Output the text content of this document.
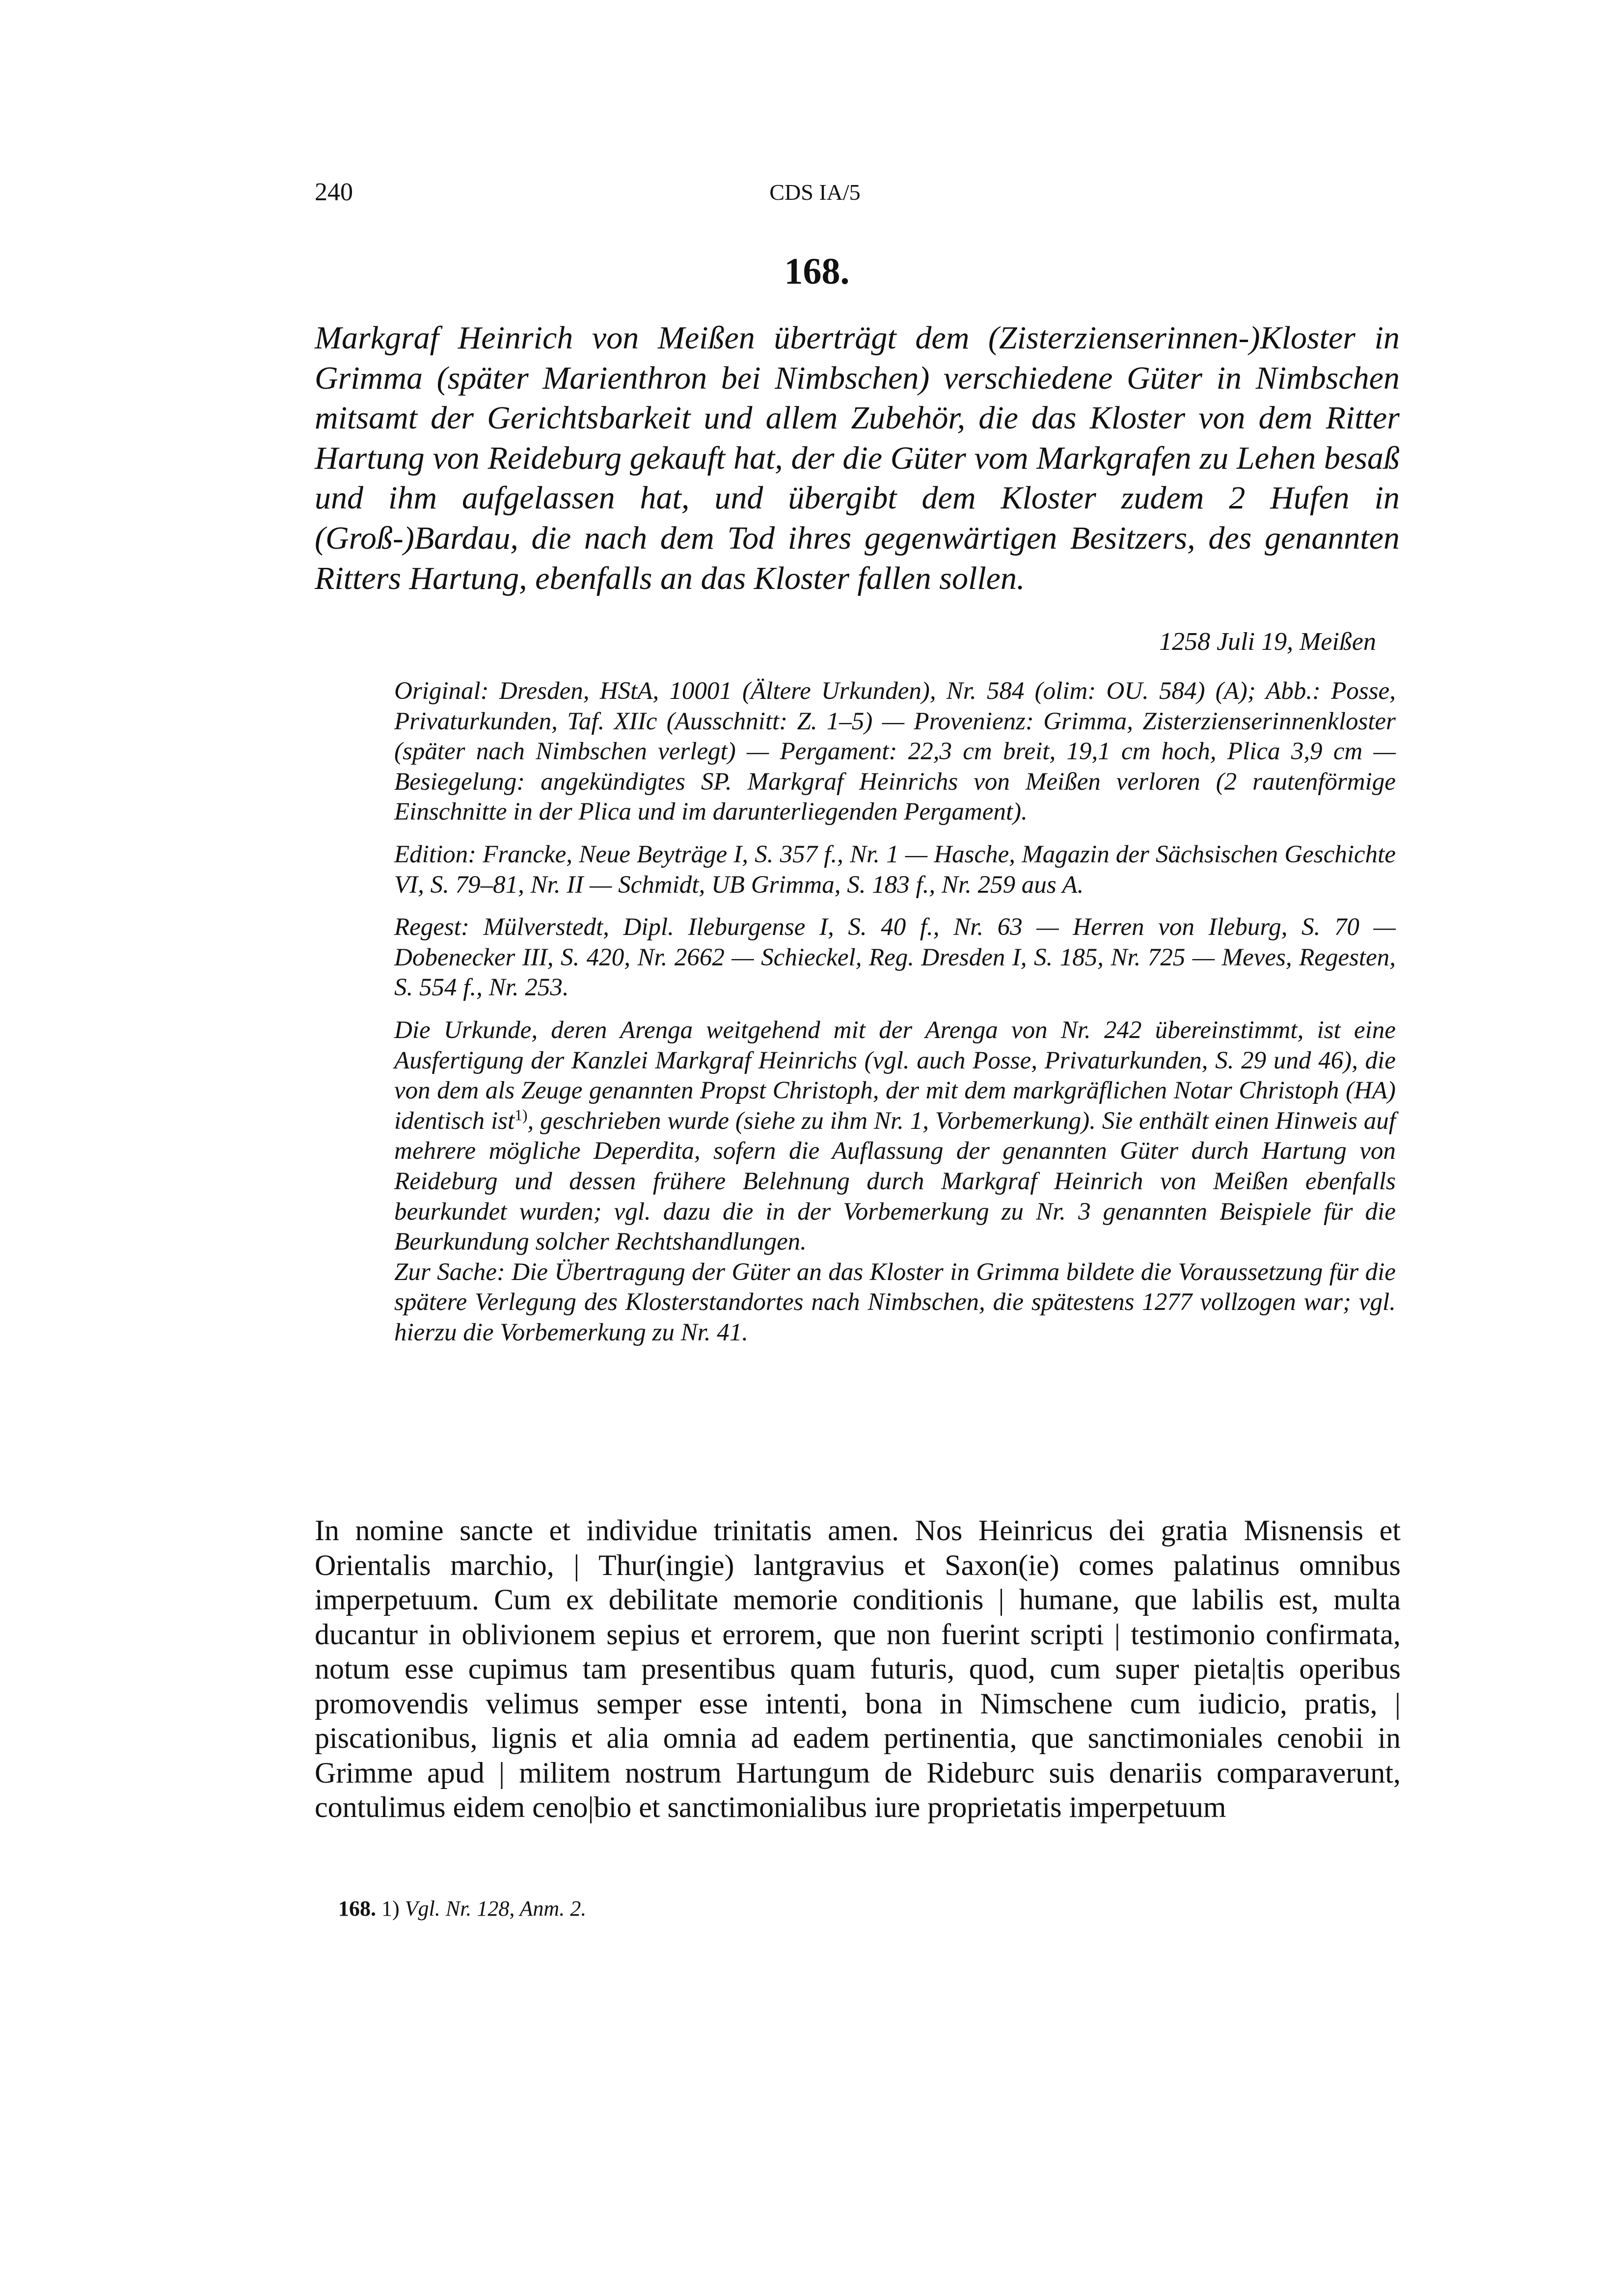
240	CDS IA/5
168.
Markgraf Heinrich von Meißen überträgt dem (Zisterzienserinnen-)Kloster in Grimma (später Marienthron bei Nimbschen) verschiedene Güter in Nimbschen mitsamt der Gerichtsbarkeit und allem Zubehör, die das Kloster von dem Ritter Hartung von Reideburg gekauft hat, der die Güter vom Markgrafen zu Lehen besaß und ihm aufgelassen hat, und übergibt dem Kloster zudem 2 Hufen in (Groß-)Bardau, die nach dem Tod ihres gegenwärtigen Besitzers, des genannten Ritters Hartung, ebenfalls an das Kloster fallen sollen.
1258 Juli 19, Meißen

Original: Dresden, HStA, 10001 (Ältere Urkunden), Nr. 584 (olim: OU. 584) (A); Abb.: Posse, Privaturkunden, Taf. XIIc (Ausschnitt: Z. 1–5) — Provenienz: Grimma, Zisterzienserinnenkloster (später nach Nimbschen verlegt) — Pergament: 22,3 cm breit, 19,1 cm hoch, Plica 3,9 cm — Besiegelung: angekündigtes SP. Markgraf Heinrichs von Meißen verloren (2 rautenförmige Einschnitte in der Plica und im darunterliegenden Pergament).

Edition: Francke, Neue Beyträge I, S. 357 f., Nr. 1 — Hasche, Magazin der Sächsischen Geschichte VI, S. 79–81, Nr. II — Schmidt, UB Grimma, S. 183 f., Nr. 259 aus A.

Regest: Mülverstedt, Dipl. Ileburgense I, S. 40 f., Nr. 63 — Herren von Ileburg, S. 70 — Dobenecker III, S. 420, Nr. 2662 — Schieckel, Reg. Dresden I, S. 185, Nr. 725 — Meves, Regesten, S. 554 f., Nr. 253.

Die Urkunde, deren Arenga weitgehend mit der Arenga von Nr. 242 übereinstimmt, ist eine Ausfertigung der Kanzlei Markgraf Heinrichs (vgl. auch Posse, Privaturkunden, S. 29 und 46), die von dem als Zeuge genannten Propst Christoph, der mit dem markgräflichen Notar Christoph (HA) identisch ist$^{1)}$, geschrieben wurde (siehe zu ihm Nr. 1, Vorbemerkung). Sie enthält einen Hinweis auf mehrere mögliche Deperdita, sofern die Auflassung der genannten Güter durch Hartung von Reideburg und dessen frühere Belehnung durch Markgraf Heinrich von Meißen ebenfalls beurkundet wurden; vgl. dazu die in der Vorbemerkung zu Nr. 3 genannten Beispiele für die Beurkundung solcher Rechtshandlungen.

Zur Sache: Die Übertragung der Güter an das Kloster in Grimma bildete die Voraussetzung für die spätere Verlegung des Klosterstandortes nach Nimbschen, die spätestens 1277 vollzogen war; vgl. hierzu die Vorbemerkung zu Nr. 41.

In nomine sancte et individue trinitatis amen. Nos Heinricus dei gratia Misnensis et Orientalis marchio, | Thur(ingie) lantgravius et Saxon(ie) comes palatinus omnibus imperpetuum. Cum ex debilitate memorie conditionis | humane, que labilis est, multa ducantur in oblivionem sepius et errorem, que non fuerint scripti | testimonio confirmata, notum esse cupimus tam presentibus quam futuris, quod, cum super pieta|tis operibus promovendis velimus semper esse intenti, bona in Nimschene cum iudicio, pratis, | piscationibus, lignis et alia omnia ad eadem pertinentia, que sanctimoniales cenobii in Grimme apud | militem nostrum Hartungum de Rideburc suis denariis comparaverunt, contulimus eidem ceno|bio et sanctimonialibus iure proprietatis imperpetuum
168. 1) Vgl. Nr. 128, Anm. 2.
